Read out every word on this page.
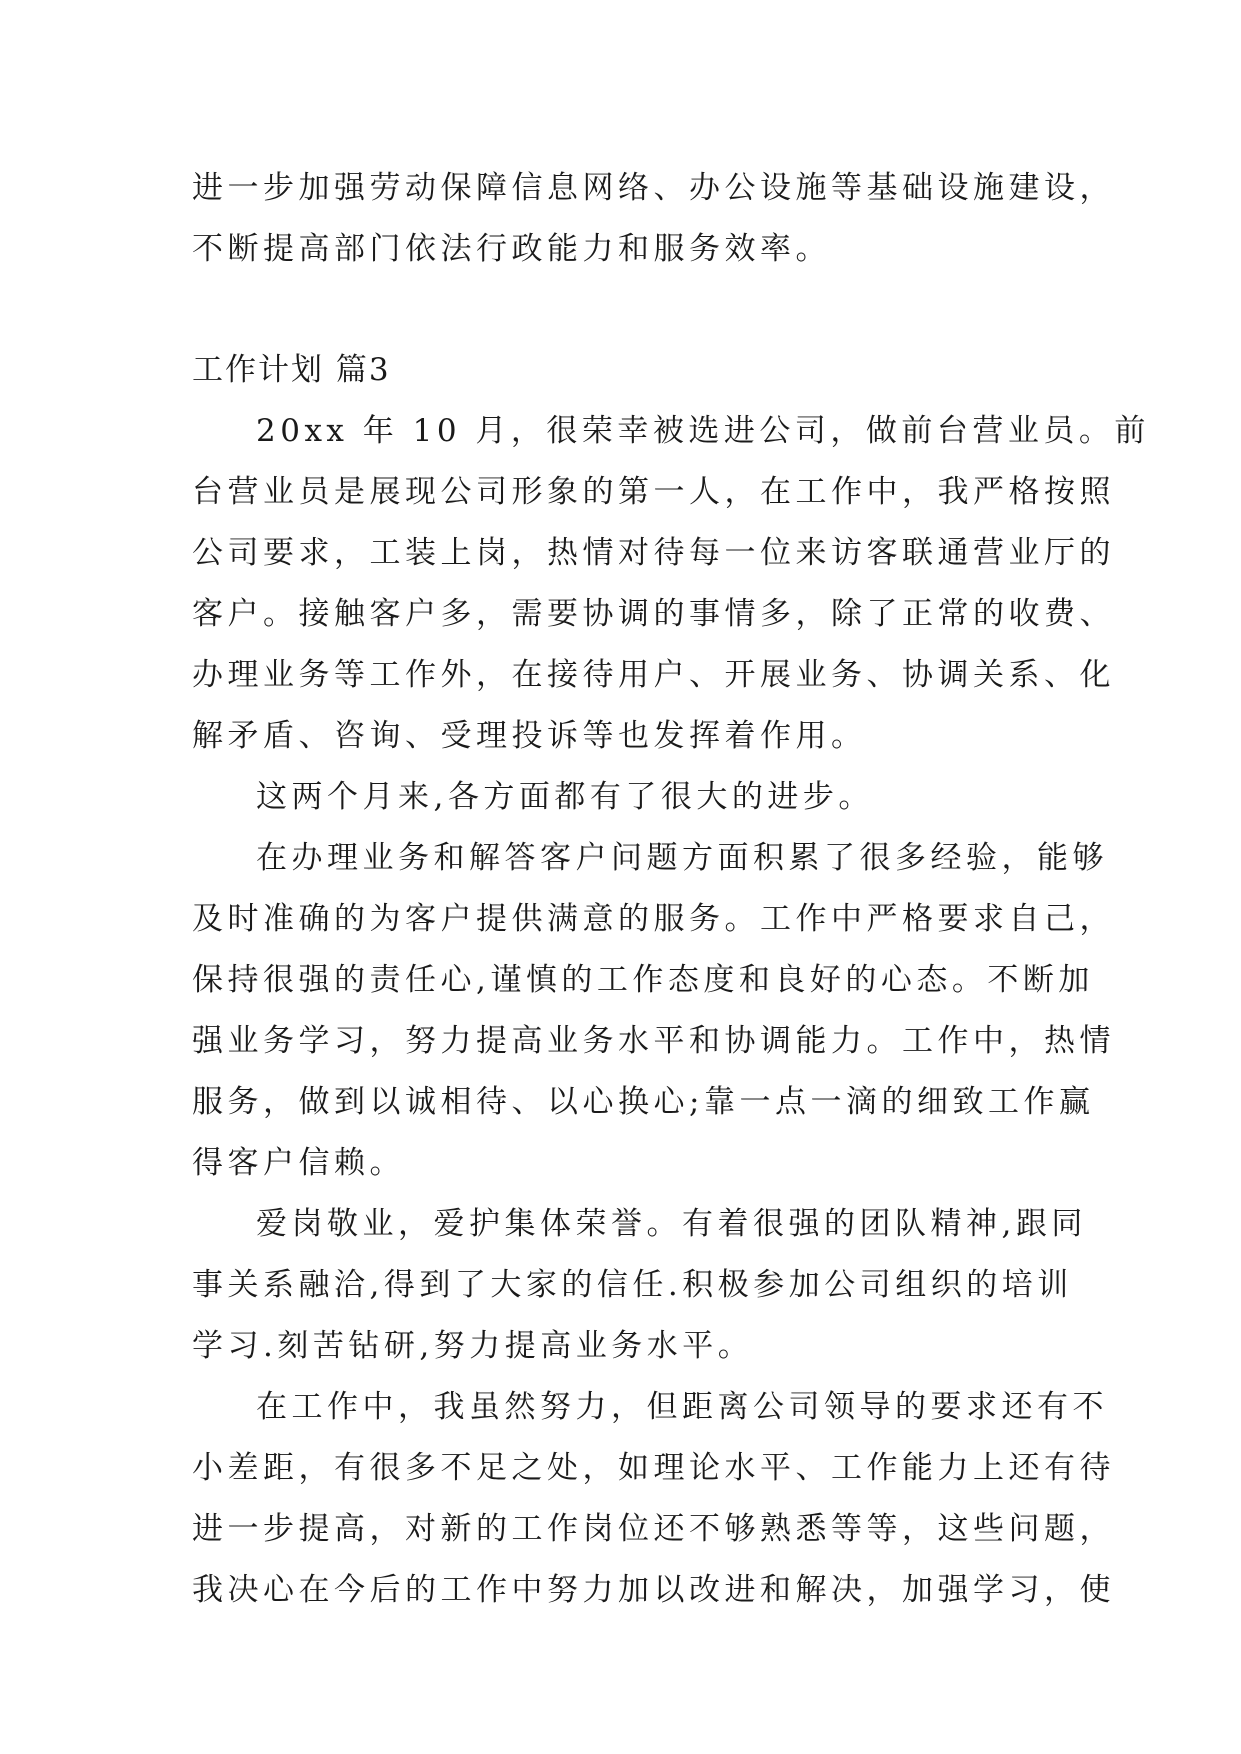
进一步加强劳动保障信息网络、办公设施等基础设施建设，
不断提高部门依法行政能力和服务效率。
工作计划 篇3
20xx 年 10 月，很荣幸被选进公司，做前台营业员。前
台营业员是展现公司形象的第一人，在工作中，我严格按照
公司要求，工装上岗，热情对待每一位来访客联通营业厅的
客户。接触客户多，需要协调的事情多，除了正常的收费、
办理业务等工作外，在接待用户、开展业务、协调关系、化
解矛盾、咨询、受理投诉等也发挥着作用。
这两个月来,各方面都有了很大的进步。
在办理业务和解答客户问题方面积累了很多经验，能够
及时准确的为客户提供满意的服务。工作中严格要求自己，
保持很强的责任心,谨慎的工作态度和良好的心态。不断加
强业务学习，努力提高业务水平和协调能力。工作中，热情
服务，做到以诚相待、以心换心;靠一点一滴的细致工作赢
得客户信赖。
爱岗敬业，爱护集体荣誉。有着很强的团队精神,跟同
事关系融洽,得到了大家的信任.积极参加公司组织的培训
学习.刻苦钻研,努力提高业务水平。
在工作中，我虽然努力，但距离公司领导的要求还有不
小差距，有很多不足之处，如理论水平、工作能力上还有待
进一步提高，对新的工作岗位还不够熟悉等等，这些问题，
我决心在今后的工作中努力加以改进和解决，加强学习，使
